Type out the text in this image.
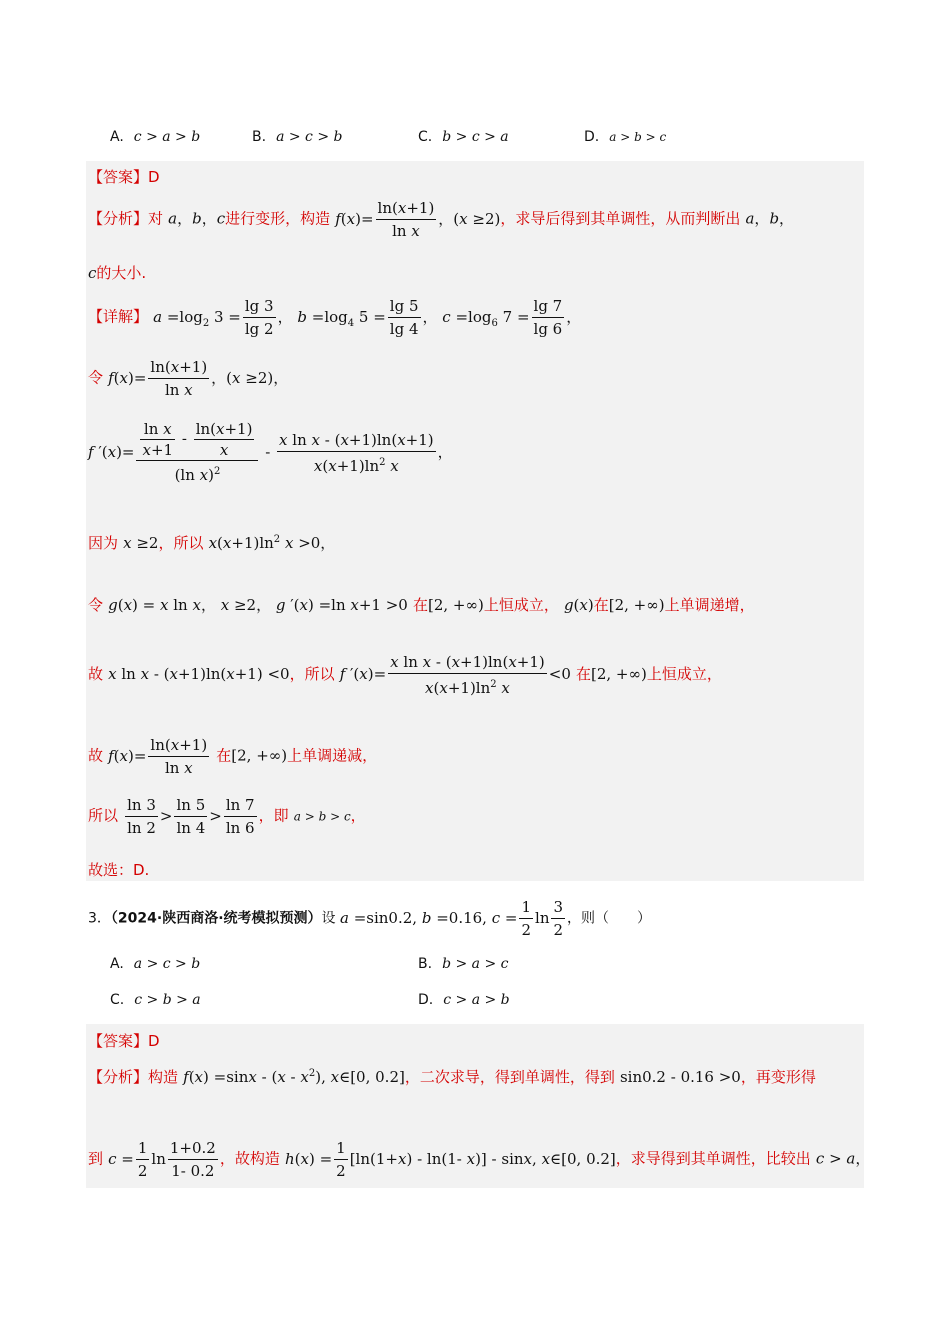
A. c > a > b	B. a > c > b	C. b > c > a	D. a > b > c
【答案】D
【分析】对 a，b，c进行变形，构造 $f(x)= \frac{\ln(x+1)}{\text{ln x}}$ ，(x ≥2)，求导后得到其单调性，从而判断出 a，b，
c的大小.
【详解】 $a =\log_2$ $3 = \frac{\lg 3}{\lg 2}$ ， $b =\log_4$ $5 = \frac{\lg 5}{\lg 4}$ ， $c =\log_6$ $7 = \frac{\lg 7}{\lg 6}$ ，
令 $f(x)= \frac{\ln(x+1)}{\text{ln x}}$ ，(x ≥2)，
f $'(x)= \frac{\frac{\text{ln x}}{x+1} - \frac{\ln(x+1)}{x}}{(\ln x)^2} - \frac{\text{x ln x - (x+1)ln(x+1)}}{x(x+1)\ln^2 x}$ ，
因为 x ≥2，所以 $x(x+1)\ln^2$ x >0，
令 g(x) = x ln x， x ≥2， g ′(x) =ln x+1 >0 在[2, +∞)上恒成立， g(x)在[2, +∞)上单调递增，
故 x ln x - (x+1)ln(x+1) <0，所以 f $'(x)= \frac{\text{x ln x - (x+1)ln(x+1)}}{x(x+1)\ln^2 x} <0$ 在[2, +∞)上恒成立，
故 $f(x)= \frac{\ln(x+1)}{\text{ln x}}$ 在[2, +∞)上单调递减，
所以 $\frac{\ln 3}{\ln 2} > \frac{\ln 5}{\ln 4} > \frac{\ln 7}{\ln 6}$ ，即 a > b > c，
故选：D.
3．（2024·陕西商洛·统考模拟预测）设 a =sin0.2, b =0.16, $c = \frac{1}{2}$ $\ln \frac{3}{2}$ ，则（　　）
A. a > c > b	B. b > a > c
C. c > b > a	D. c > a > b
【答案】D
【分析】构造 $f(x) =\sin x - (x - x^2)$, x∈[0, 0.2]，二次求导，得到单调性，得到 sin0.2 - 0.16 >0，再变形得
到 $c = \frac{1}{2}$ $\ln \frac{1+0.2}{1- 0.2}$ ，故构造 $h(x) = \frac{1}{2} [\ln(1+x) - \ln(1-$ x)] - sinx, x∈[0, 0.2]，求导得到其单调性，比较出 c > a，
